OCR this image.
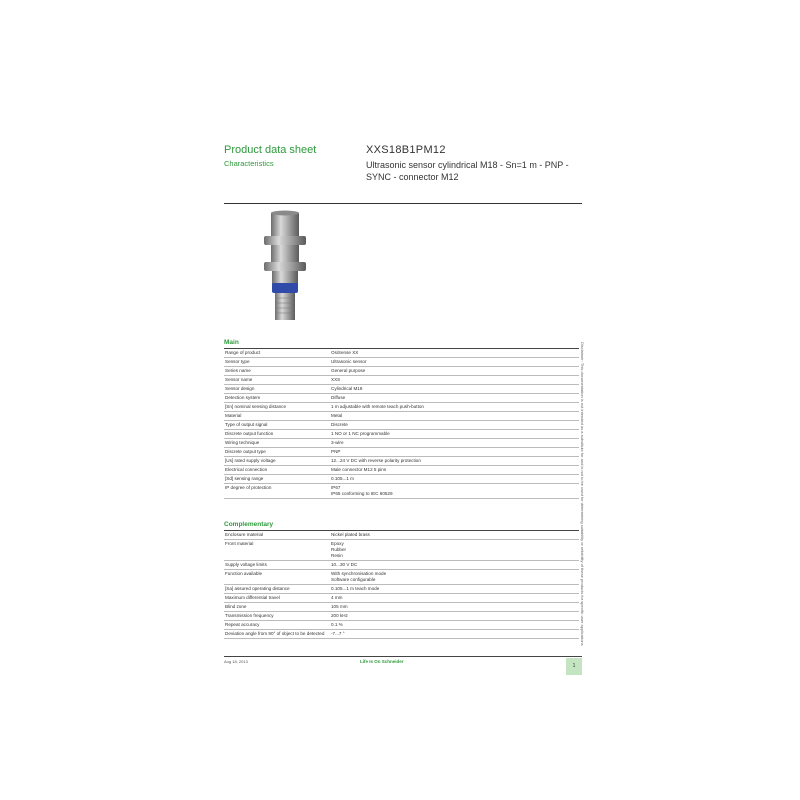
Product data sheet
Characteristics
XXS18B1PM12
Ultrasonic sensor cylindrical M18 - Sn=1 m - PNP - SYNC - connector M12
Main
Range of product	OsiSense XX
Sensor type	Ultrasonic sensor
Series name	General purpose
Sensor name	XXS
Sensor design	Cylindrical M18
Detection system	Diffuse
[Sn] nominal sensing distance	1 m adjustable with remote teach push-button
Material	Metal
Type of output signal	Discrete
Discrete output function	1 NO or 1 NC programmable
Wiring technique	3-wire
Discrete output type	PNP
[Us] rated supply voltage	12...24 V DC with reverse polarity protection
Electrical connection	Male connector M12 5 pins
[Sd] sensing range	0.105...1 m
IP degree of protection	IP67
IP65 conforming to IEC 60529
Complementary
Enclosure material	Nickel plated brass
Front material	Epoxy
Rubber
Resin
Supply voltage limits	10...30 V DC
Function available	With synchronisation mode
Software configurable
[Sa] assured operating distance	0.105...1 m teach mode
Maximum differential travel	4 mm
Blind zone	105 mm
Transmission frequency	200 kHz
Repeat accuracy	0.1 %
Deviation angle from 90° of object to be detected	-7...7 °	Disclaimer: This documentation is not intended as a substitute for and is not to be used for determining suitability or reliability of these products for specific user applications
Aug 18, 2013	Life Is On Schneider
1
